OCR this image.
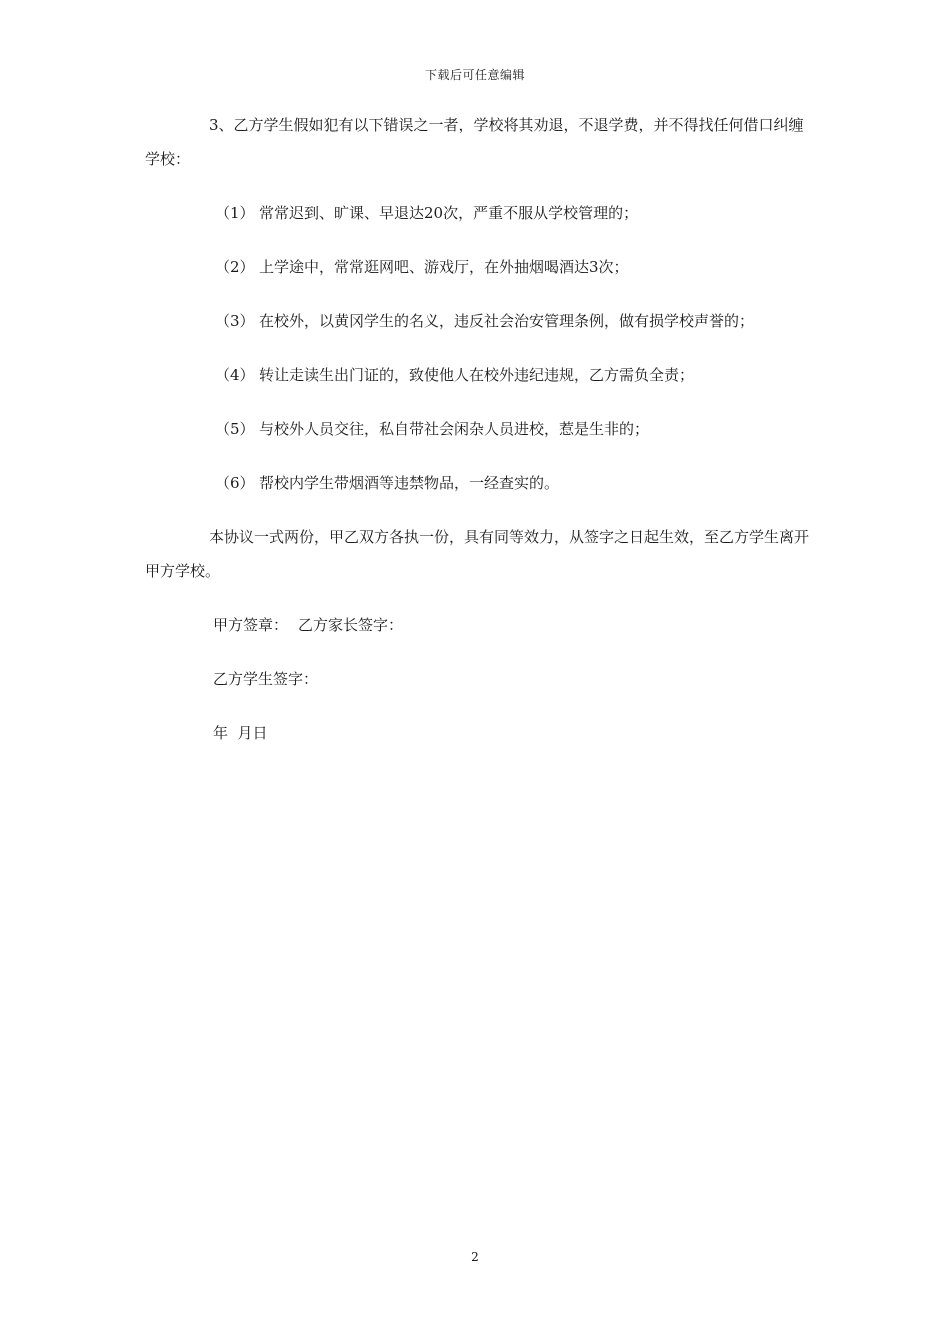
下载后可任意编辑

3、乙方学生假如犯有以下错误之一者，学校将其劝退，不退学费，并不得找任何借口纠缠学校：

（1） 常常迟到、旷课、早退达20次，严重不服从学校管理的；

（2） 上学途中，常常逛网吧、游戏厅，在外抽烟喝酒达3次；

（3） 在校外，以黄冈学生的名义，违反社会治安管理条例，做有损学校声誉的；

（4） 转让走读生出门证的，致使他人在校外违纪违规，乙方需负全责；

（5） 与校外人员交往，私自带社会闲杂人员进校，惹是生非的；

（6） 帮校内学生带烟酒等违禁物品，一经查实的。

本协议一式两份，甲乙双方各执一份，具有同等效力，从签字之日起生效，至乙方学生离开甲方学校。

甲方签章： 乙方家长签字：

乙方学生签字：

年  月日

2
